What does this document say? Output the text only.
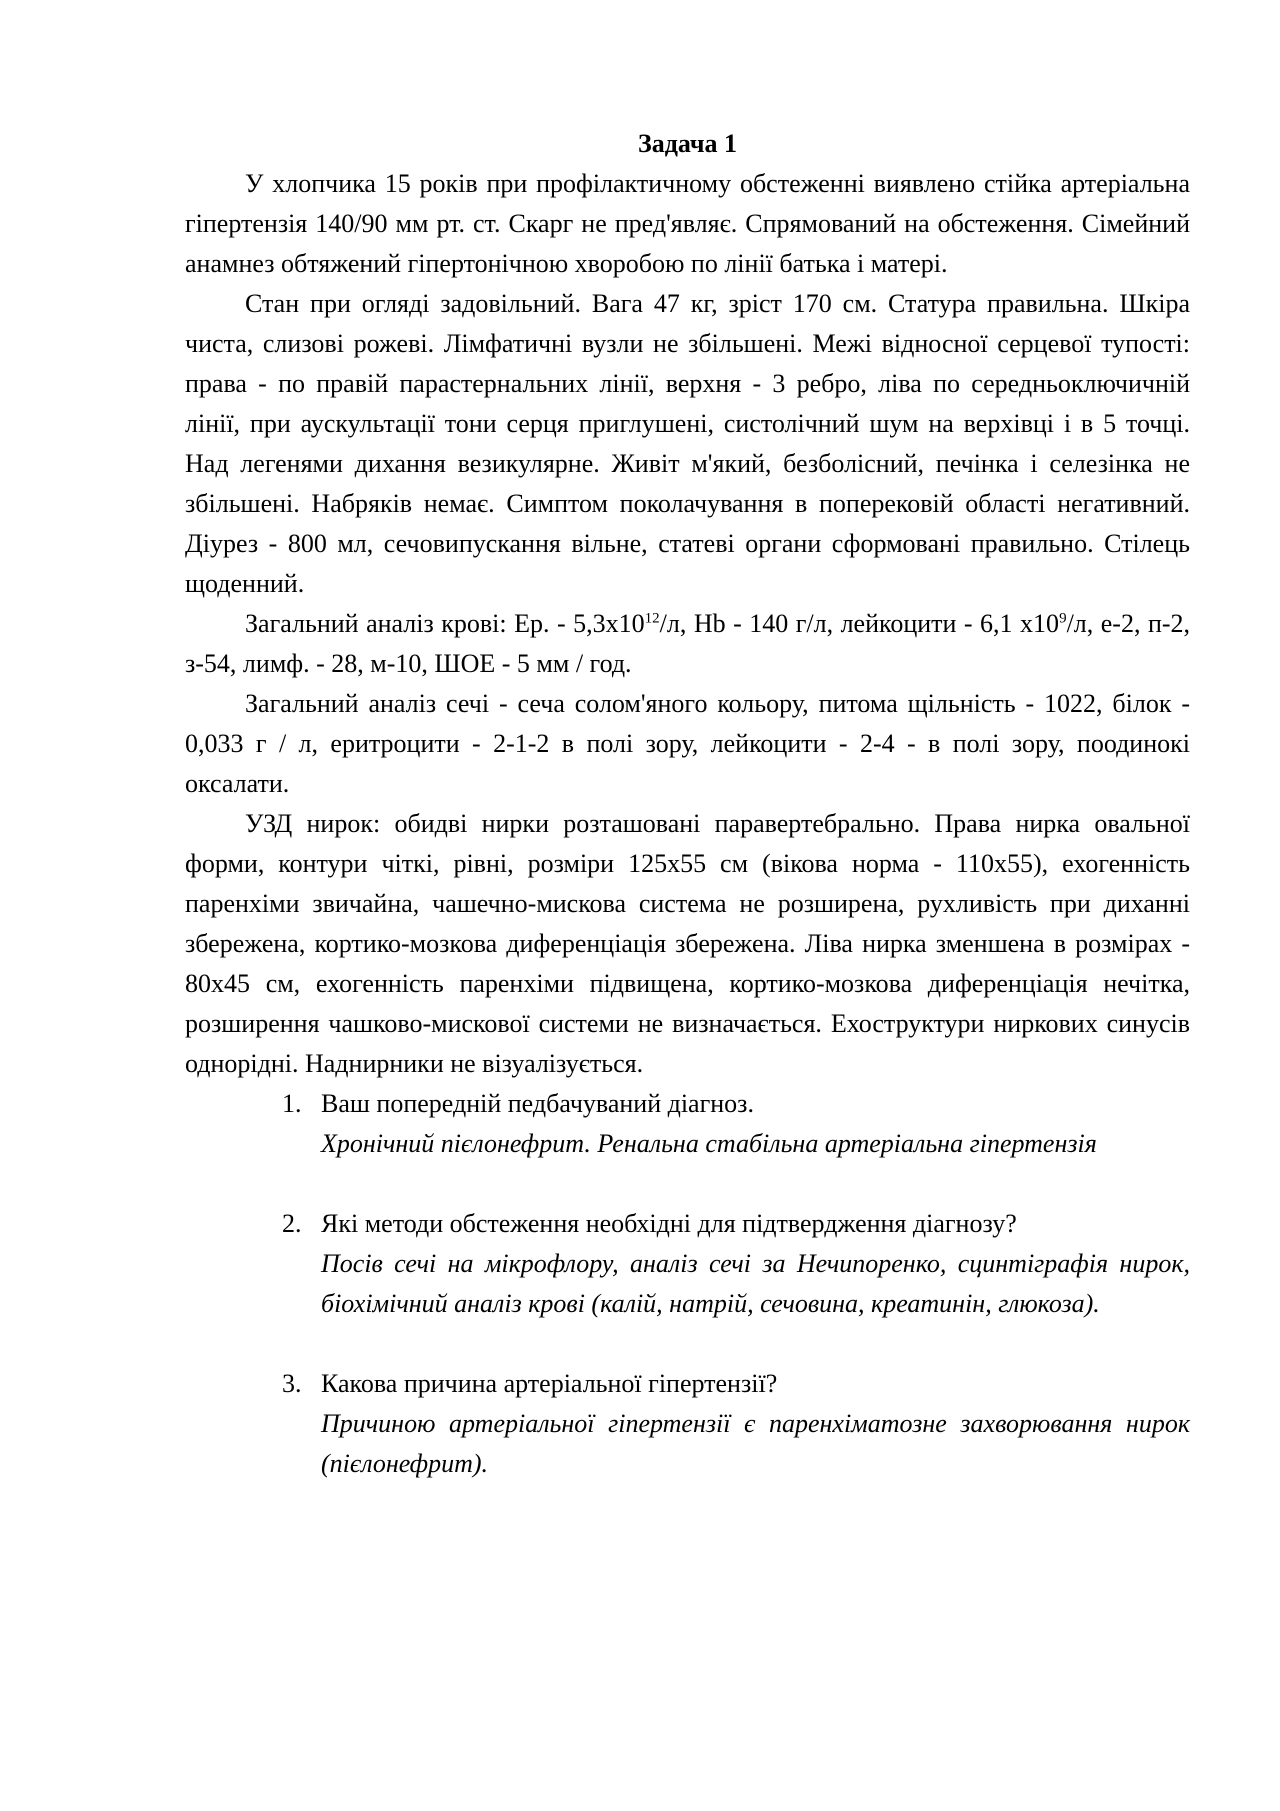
Задача 1

У хлопчика 15 років при профілактичному обстеженні виявлено стійка артеріальна гіпертензія 140/90 мм рт. ст. Скарг не пред'являє. Спрямований на обстеження. Сімейний анамнез обтяжений гіпертонічною хворобою по лінії батька і матері.

Стан при огляді задовільний. Вага 47 кг, зріст 170 см. Статура правильна. Шкіра чиста, слизові рожеві. Лімфатичні вузли не збільшені. Межі відносної серцевої тупості: права - по правій парастернальних лінії, верхня - 3 ребро, ліва по середньоключичній лінії, при аускультації тони серця приглушені, систолічний шум на верхівці і в 5 точці. Над легенями дихання везикулярне. Живіт м'який, безболісний, печінка і селезінка не збільшені. Набряків немає. Симптом поколачування в поперековій області негативний. Діурез - 800 мл, сечовипускання вільне, статеві органи сформовані правильно. Стілець щоденний.

Загальний аналіз крові: Ер. - $5,3х10^{12}/л$, Hb - 140 г/л, лейкоцити - 6,1 $х10^9/л$, е-2, п-2, з-54, лимф. - 28, м-10, ШОЕ - 5 мм / год.

Загальний аналіз сечі - сеча солом'яного кольору, питома щільність - 1022, білок - 0,033 г / л, еритроцити - 2-1-2 в полі зору, лейкоцити - 2-4 - в полі зору, поодинокі оксалати.

УЗД нирок: обидві нирки розташовані паравертебрально. Права нирка овальної форми, контури чіткі, рівні, розміри 125х55 см (вікова норма - 110х55), ехогенність паренхіми звичайна, чашечно-мискова система не розширена, рухливість при диханні збережена, кортико-мозкова диференціація збережена. Ліва нирка зменшена в розмірах - 80х45 см, ехогенність паренхіми підвищена, кортико-мозкова диференціація нечітка, розширення чашково-мискової системи не визначається. Ехоструктури ниркових синусів однорідні. Наднирники не візуалізується.

1. Ваш попередній педбачуваний діагноз.

Хронічний пієлонефрит. Ренальна стабільна артеріальна гіпертензія

2. Які методи обстеження необхідні для підтвердження діагнозу?

Посів сечі на мікрофлору, аналіз сечі за Нечипоренко, сцинтіграфія нирок, біохімічний аналіз крові (калій, натрій, сечовина, креатинін, глюкоза).

3. Какова причина артеріальної гіпертензії?

Причиною артеріальної гіпертензії є паренхіматозне захворювання нирок (пієлонефрит).
